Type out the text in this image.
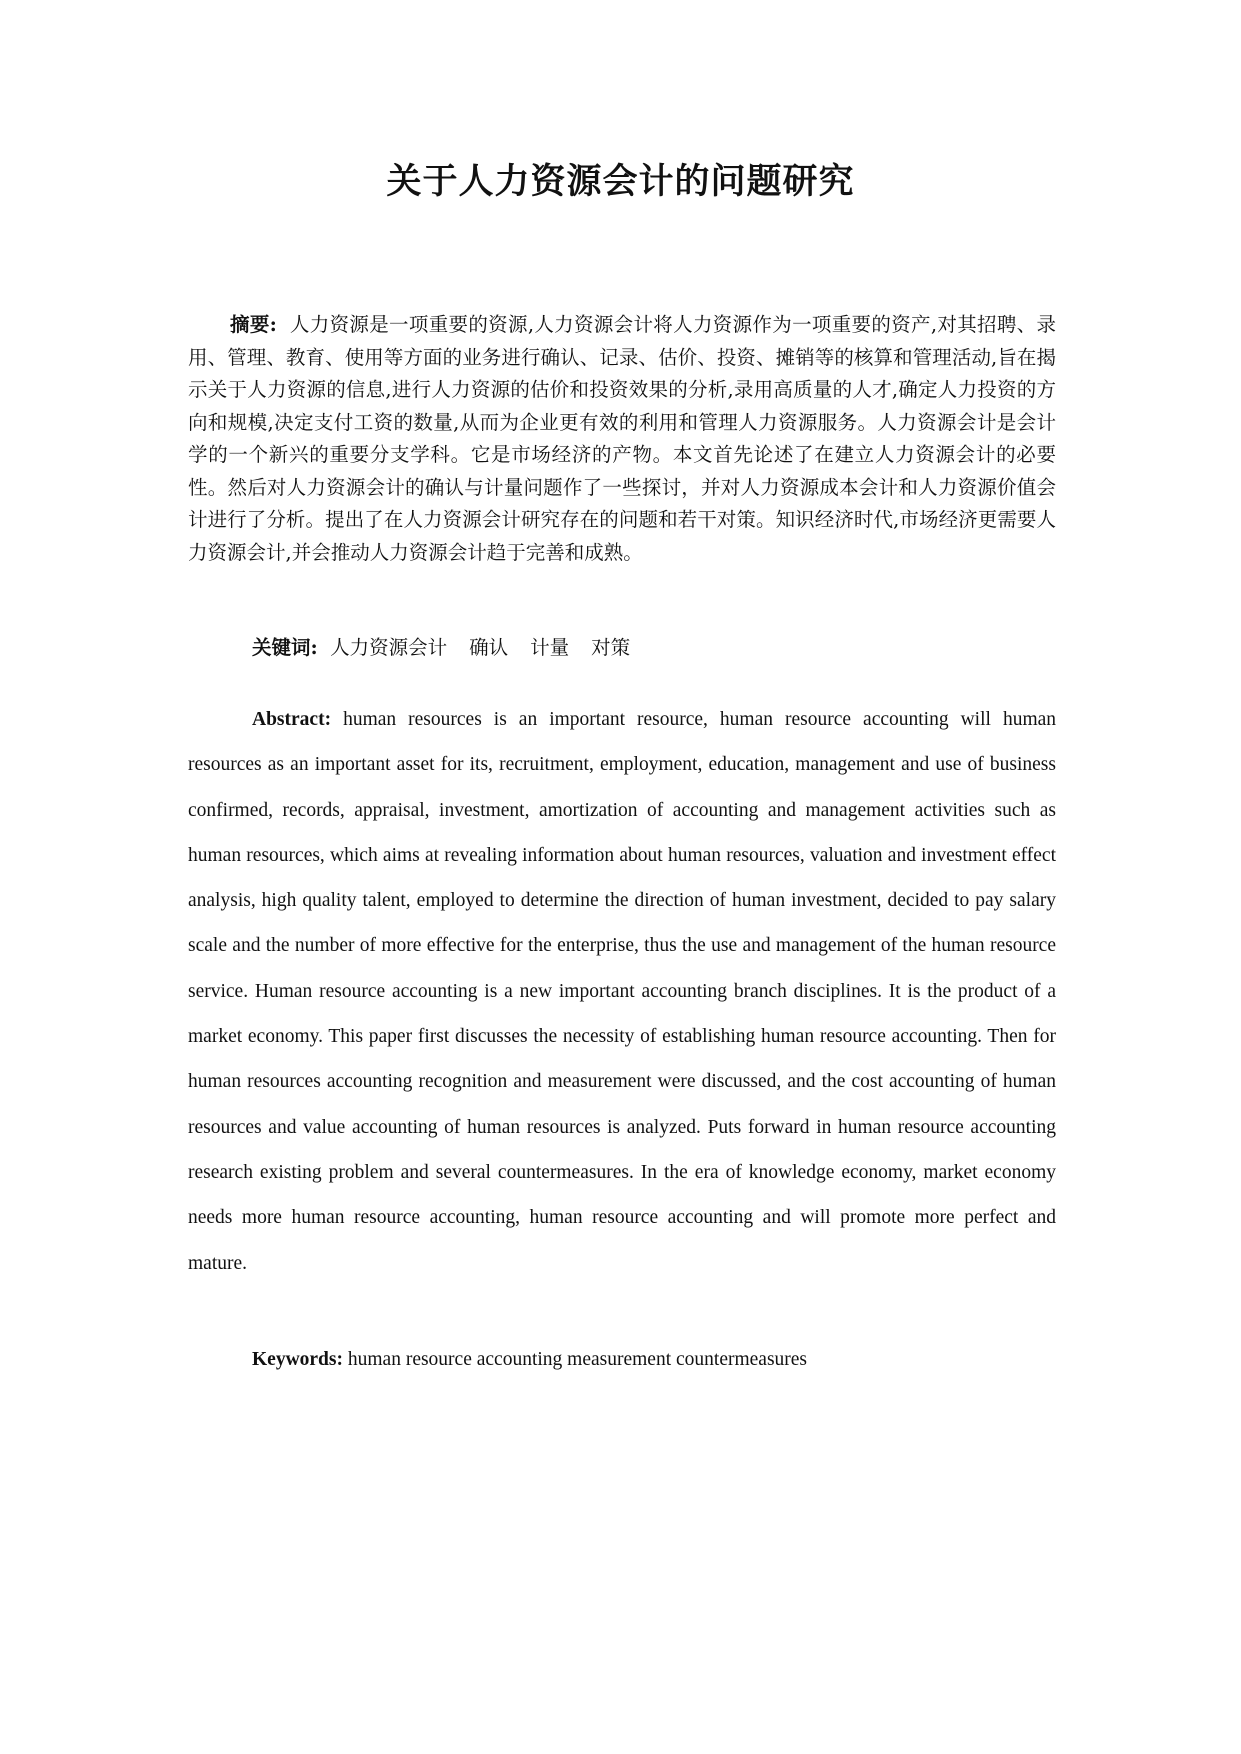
关于人力资源会计的问题研究

摘要: 人力资源是一项重要的资源,人力资源会计将人力资源作为一项重要的资产,对其招聘、录用、管理、教育、使用等方面的业务进行确认、记录、估价、投资、摊销等的核算和管理活动,旨在揭示关于人力资源的信息,进行人力资源的估价和投资效果的分析,录用高质量的人才,确定人力投资的方向和规模,决定支付工资的数量,从而为企业更有效的利用和管理人力资源服务。人力资源会计是会计学的一个新兴的重要分支学科。它是市场经济的产物。本文首先论述了在建立人力资源会计的必要性。然后对人力资源会计的确认与计量问题作了一些探讨，并对人力资源成本会计和人力资源价值会计进行了分析。提出了在人力资源会计研究存在的问题和若干对策。知识经济时代,市场经济更需要人力资源会计,并会推动人力资源会计趋于完善和成熟。

关键词: 人力资源会计 确认 计量 对策

Abstract: human resources is an important resource, human resource accounting will human resources as an important asset for its, recruitment, employment, education, management and use of business confirmed, records, appraisal, investment, amortization of accounting and management activities such as human resources, which aims at revealing information about human resources, valuation and investment effect analysis, high quality talent, employed to determine the direction of human investment, decided to pay salary scale and the number of more effective for the enterprise, thus the use and management of the human resource service. Human resource accounting is a new important accounting branch disciplines. It is the product of a market economy. This paper first discusses the necessity of establishing human resource accounting. Then for human resources accounting recognition and measurement were discussed, and the cost accounting of human resources and value accounting of human resources is analyzed. Puts forward in human resource accounting research existing problem and several countermeasures. In the era of knowledge economy, market economy needs more human resource accounting, human resource accounting and will promote more perfect and mature.

Keywords: human resource accounting measurement countermeasures
